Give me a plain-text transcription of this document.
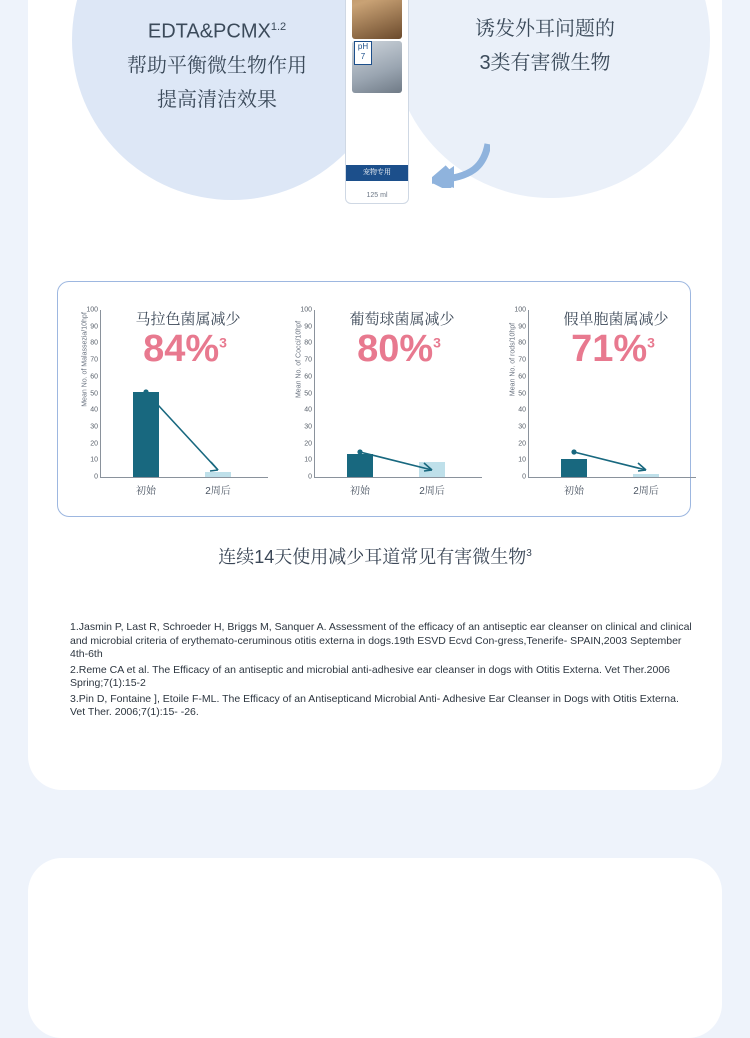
$EDTA\&PCMX^{1.2}$
帮助平衡微生物作用
提高清洁效果
诱发外耳问题的
3类有害微生物
pH
7
宠物专用
125 ml
马拉色菌属减少
84%$^3$
Mean No. of Malassezia/10hpf
100
90
80
70
60
50
40
30
20
10
0
初始	2周后
葡萄球菌属减少
80%$^3$
Mean No. of Cocci/10hpf
100
90
80
70
60
50
40
30
20
10
0
初始	2周后
假单胞菌属减少
71%$^3$
Mean No. of rods/10hpf
100
90
80
70
60
50
40
30
20
10
0
初始	2周后
连续14天使用减少耳道常见有害微生物$^3$

1.Jasmin P, Last R, Schroeder H, Briggs M, Sanquer A. Assessment of the efficacy of an antiseptic ear cleanser on clinical and clinical and microbial criteria of erythemato-ceruminous otitis externa in dogs.19th ESVD Ecvd Con-gress,Tenerife- SPAIN,2003 September 4th-6th

2.Reme CA et al. The Efficacy of an antiseptic and microbial anti-adhesive ear cleanser in dogs with Otitis Externa. Vet Ther.2006 Spring;7(1):15-2

3.Pin D, Fontaine ], Etoile F-ML. The Efficacy of an Antisepticand Microbial Anti- Adhesive Ear Cleanser in Dogs with Otitis Externa. Vet Ther. 2006;7(1):15- -26.
